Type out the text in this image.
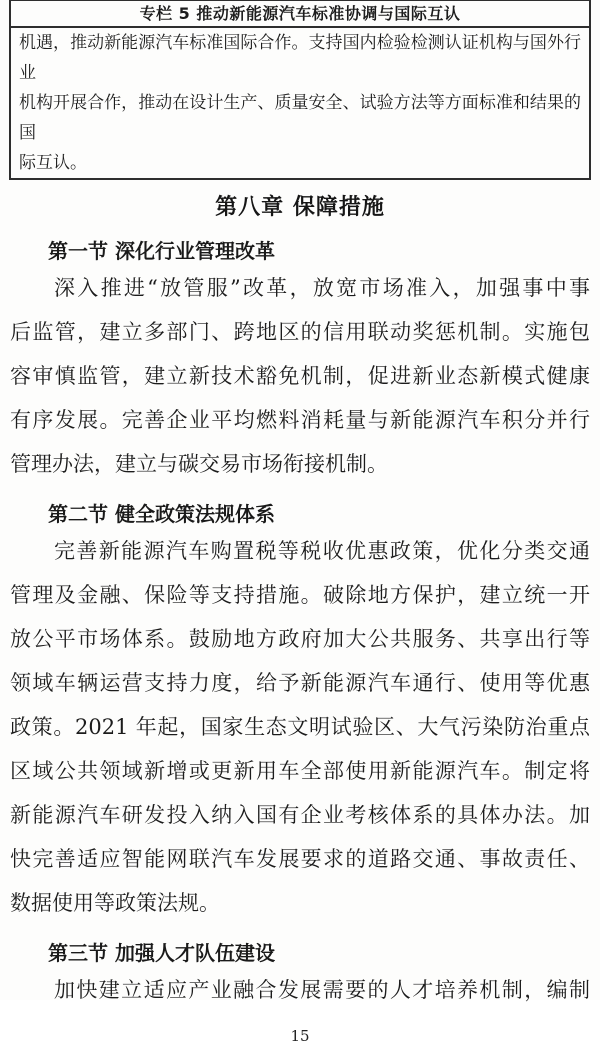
专栏 5 推动新能源汽车标准协调与国际互认
机遇，推动新能源汽车标准国际合作。支持国内检验检测认证机构与国外行业
机构开展合作，推动在设计生产、质量安全、试验方法等方面标准和结果的国
际互认。
第八章 保障措施
第一节 深化行业管理改革
深入推进“放管服”改革，放宽市场准入，加强事中事
后监管，建立多部门、跨地区的信用联动奖惩机制。实施包
容审慎监管，建立新技术豁免机制，促进新业态新模式健康
有序发展。完善企业平均燃料消耗量与新能源汽车积分并行
管理办法，建立与碳交易市场衔接机制。
第二节 健全政策法规体系
完善新能源汽车购置税等税收优惠政策，优化分类交通
管理及金融、保险等支持措施。破除地方保护，建立统一开
放公平市场体系。鼓励地方政府加大公共服务、共享出行等
领域车辆运营支持力度，给予新能源汽车通行、使用等优惠
政策。2021 年起，国家生态文明试验区、大气污染防治重点
区域公共领域新增或更新用车全部使用新能源汽车。制定将
新能源汽车研发投入纳入国有企业考核体系的具体办法。加
快完善适应智能网联汽车发展要求的道路交通、事故责任、
数据使用等政策法规。
第三节 加强人才队伍建设
加快建立适应产业融合发展需要的人才培养机制，编制
15
